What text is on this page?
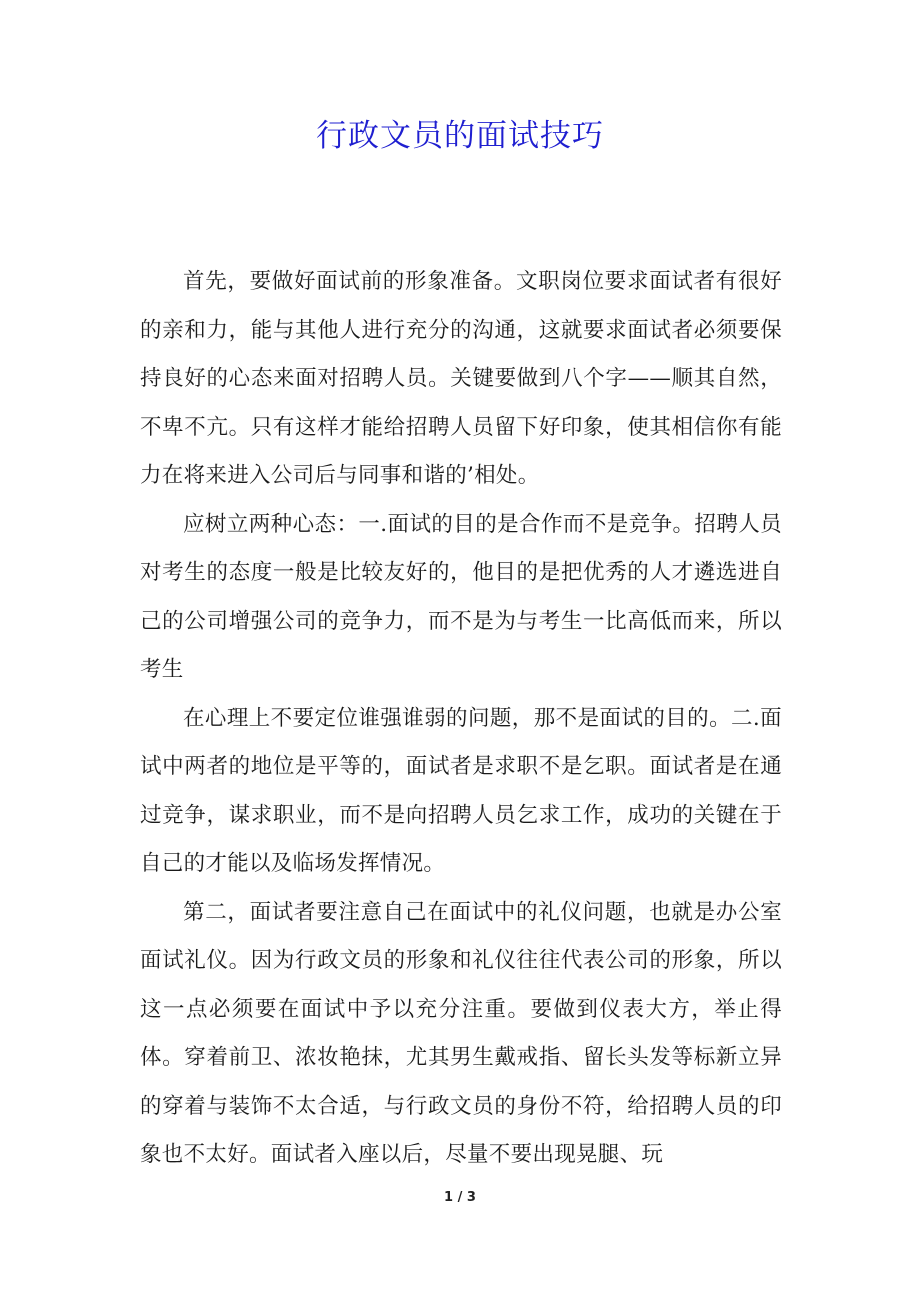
行政文员的面试技巧

首先，要做好面试前的形象准备。文职岗位要求面试者有很好的亲和力，能与其他人进行充分的沟通，这就要求面试者必须要保持良好的心态来面对招聘人员。关键要做到八个字——顺其自然，不卑不亢。只有这样才能给招聘人员留下好印象，使其相信你有能力在将来进入公司后与同事和谐的’相处。

应树立两种心态：一.面试的目的是合作而不是竞争。招聘人员对考生的态度一般是比较友好的，他目的是把优秀的人才遴选进自己的公司增强公司的竞争力，而不是为与考生一比高低而来，所以考生

在心理上不要定位谁强谁弱的问题，那不是面试的目的。二.面试中两者的地位是平等的，面试者是求职不是乞职。面试者是在通过竞争，谋求职业，而不是向招聘人员乞求工作，成功的关键在于自己的才能以及临场发挥情况。

第二，面试者要注意自己在面试中的礼仪问题，也就是办公室面试礼仪。因为行政文员的形象和礼仪往往代表公司的形象，所以这一点必须要在面试中予以充分注重。要做到仪表大方，举止得体。穿着前卫、浓妆艳抹，尤其男生戴戒指、留长头发等标新立异的穿着与装饰不太合适，与行政文员的身份不符，给招聘人员的印象也不太好。面试者入座以后，尽量不要出现晃腿、玩

1 / 3
